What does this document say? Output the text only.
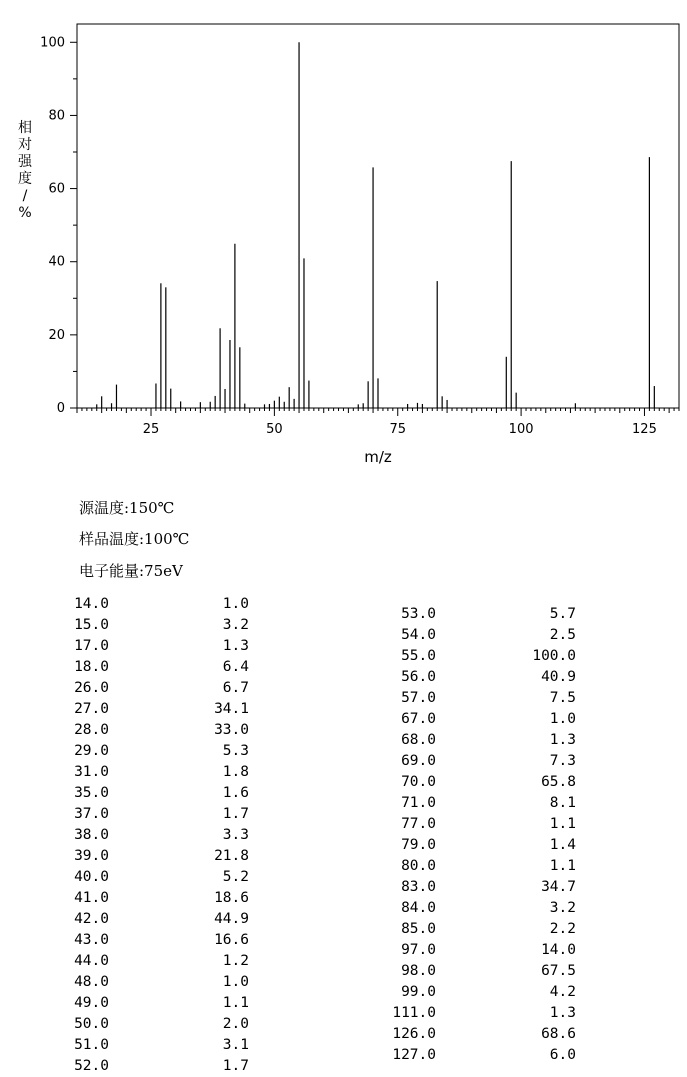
0
20
40
60
80
100
25	50	75	100	125
相对强度/ %
m/z
源温度:150℃
样品温度:100℃
电子能量:75eV
14.0	1.0
15.0	3.2
17.0	1.3
18.0	6.4
26.0	6.7
27.0	34.1
28.0	33.0
29.0	5.3
31.0	1.8
35.0	1.6
37.0	1.7
38.0	3.3
39.0	21.8
40.0	5.2
41.0	18.6
42.0	44.9
43.0	16.6
44.0	1.2
48.0	1.0
49.0	1.1
50.0	2.0
51.0	3.1
52.0	1.7
53.0	5.7
54.0	2.5
55.0	100.0
56.0	40.9
57.0	7.5
67.0	1.0
68.0	1.3
69.0	7.3
70.0	65.8
71.0	8.1
77.0	1.1
79.0	1.4
80.0	1.1
83.0	34.7
84.0	3.2
85.0	2.2
97.0	14.0
98.0	67.5
99.0	4.2
111.0	1.3
126.0	68.6
127.0	6.0
